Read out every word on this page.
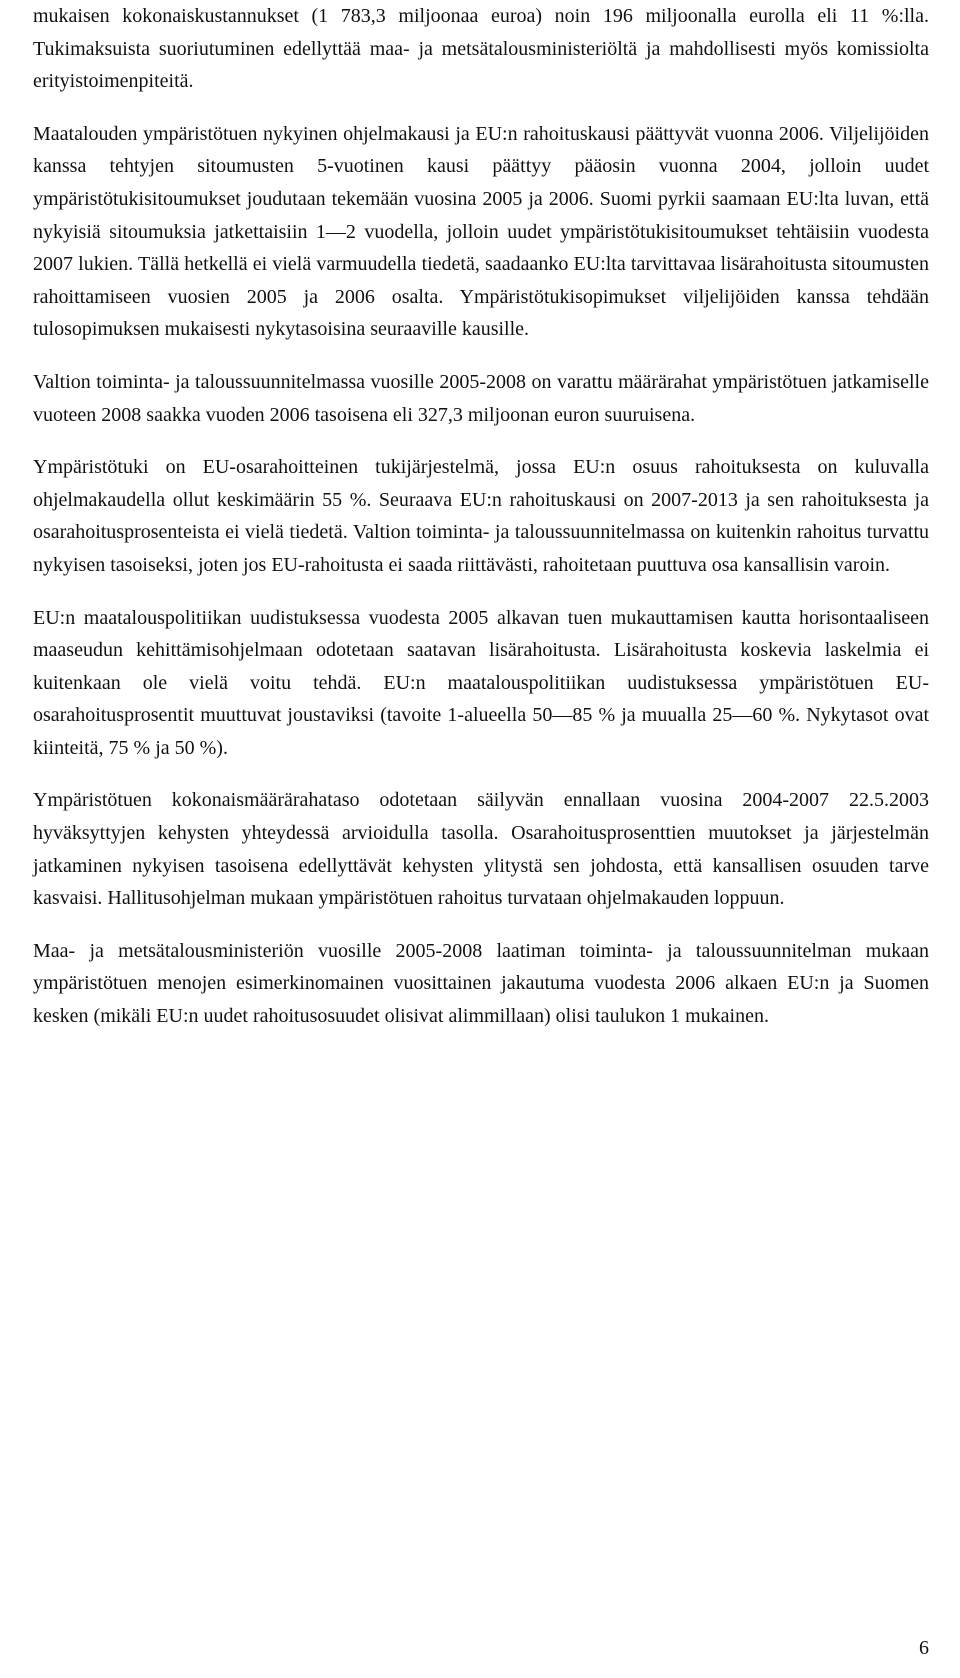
mukaisen kokonaiskustannukset (1 783,3 miljoonaa euroa) noin 196 miljoonalla eurolla eli 11 %:lla. Tukimaksuista suoriutuminen edellyttää maa- ja metsätalousministeriöltä ja mahdollisesti myös komissiolta erityistoimenpiteitä.

Maatalouden ympäristötuen nykyinen ohjelmakausi ja EU:n rahoituskausi päättyvät vuonna 2006. Viljelijöiden kanssa tehtyjen sitoumusten 5-vuotinen kausi päättyy pääosin vuonna 2004, jolloin uudet ympäristötukisitoumukset joudutaan tekemään vuosina 2005 ja 2006. Suomi pyrkii saamaan EU:lta luvan, että nykyisiä sitoumuksia jatkettaisiin 1—2 vuodella, jolloin uudet ympäristötukisitoumukset tehtäisiin vuodesta 2007 lukien. Tällä hetkellä ei vielä varmuudella tiedetä, saadaanko EU:lta tarvittavaa lisärahoitusta sitoumusten rahoittamiseen vuosien 2005 ja 2006 osalta. Ympäristötukisopimukset viljelijöiden kanssa tehdään tulosopimuksen mukaisesti nykytasoisina seuraaville kausille.

Valtion toiminta- ja taloussuunnitelmassa vuosille 2005-2008 on varattu määrärahat ympäristötuen jatkamiselle vuoteen 2008 saakka vuoden 2006 tasoisena eli 327,3 miljoonan euron suuruisena.

Ympäristötuki on EU-osarahoitteinen tukijärjestelmä, jossa EU:n osuus rahoituksesta on kuluvalla ohjelmakaudella ollut keskimäärin 55 %. Seuraava EU:n rahoituskausi on 2007-2013 ja sen rahoituksesta ja osarahoitusprosenteista ei vielä tiedetä. Valtion toiminta- ja taloussuunnitelmassa on kuitenkin rahoitus turvattu nykyisen tasoiseksi, joten jos EU-rahoitusta ei saada riittävästi, rahoitetaan puuttuva osa kansallisin varoin.

EU:n maatalouspolitiikan uudistuksessa vuodesta 2005 alkavan tuen mukauttamisen kautta horisontaaliseen maaseudun kehittämisohjelmaan odotetaan saatavan lisärahoitusta. Lisärahoitusta koskevia laskelmia ei kuitenkaan ole vielä voitu tehdä. EU:n maatalouspolitiikan uudistuksessa ympäristötuen EU-osarahoitusprosentit muuttuvat joustaviksi (tavoite 1-alueella 50—85 % ja muualla 25—60 %. Nykytasot ovat kiinteitä, 75 % ja 50 %).

Ympäristötuen kokonaismäärärahataso odotetaan säilyvän ennallaan vuosina 2004-2007 22.5.2003 hyväksyttyjen kehysten yhteydessä arvioidulla tasolla. Osarahoitusprosenttien muutokset ja järjestelmän jatkaminen nykyisen tasoisena edellyttävät kehysten ylitystä sen johdosta, että kansallisen osuuden tarve kasvaisi. Hallitusohjelman mukaan ympäristötuen rahoitus turvataan ohjelmakauden loppuun.

Maa- ja metsätalousministeriön vuosille 2005-2008 laatiman toiminta- ja taloussuunnitelman mukaan ympäristötuen menojen esimerkinomainen vuosittainen jakautuma vuodesta 2006 alkaen EU:n ja Suomen kesken (mikäli EU:n uudet rahoitusosuudet olisivat alimmillaan) olisi taulukon 1 mukainen.

6
